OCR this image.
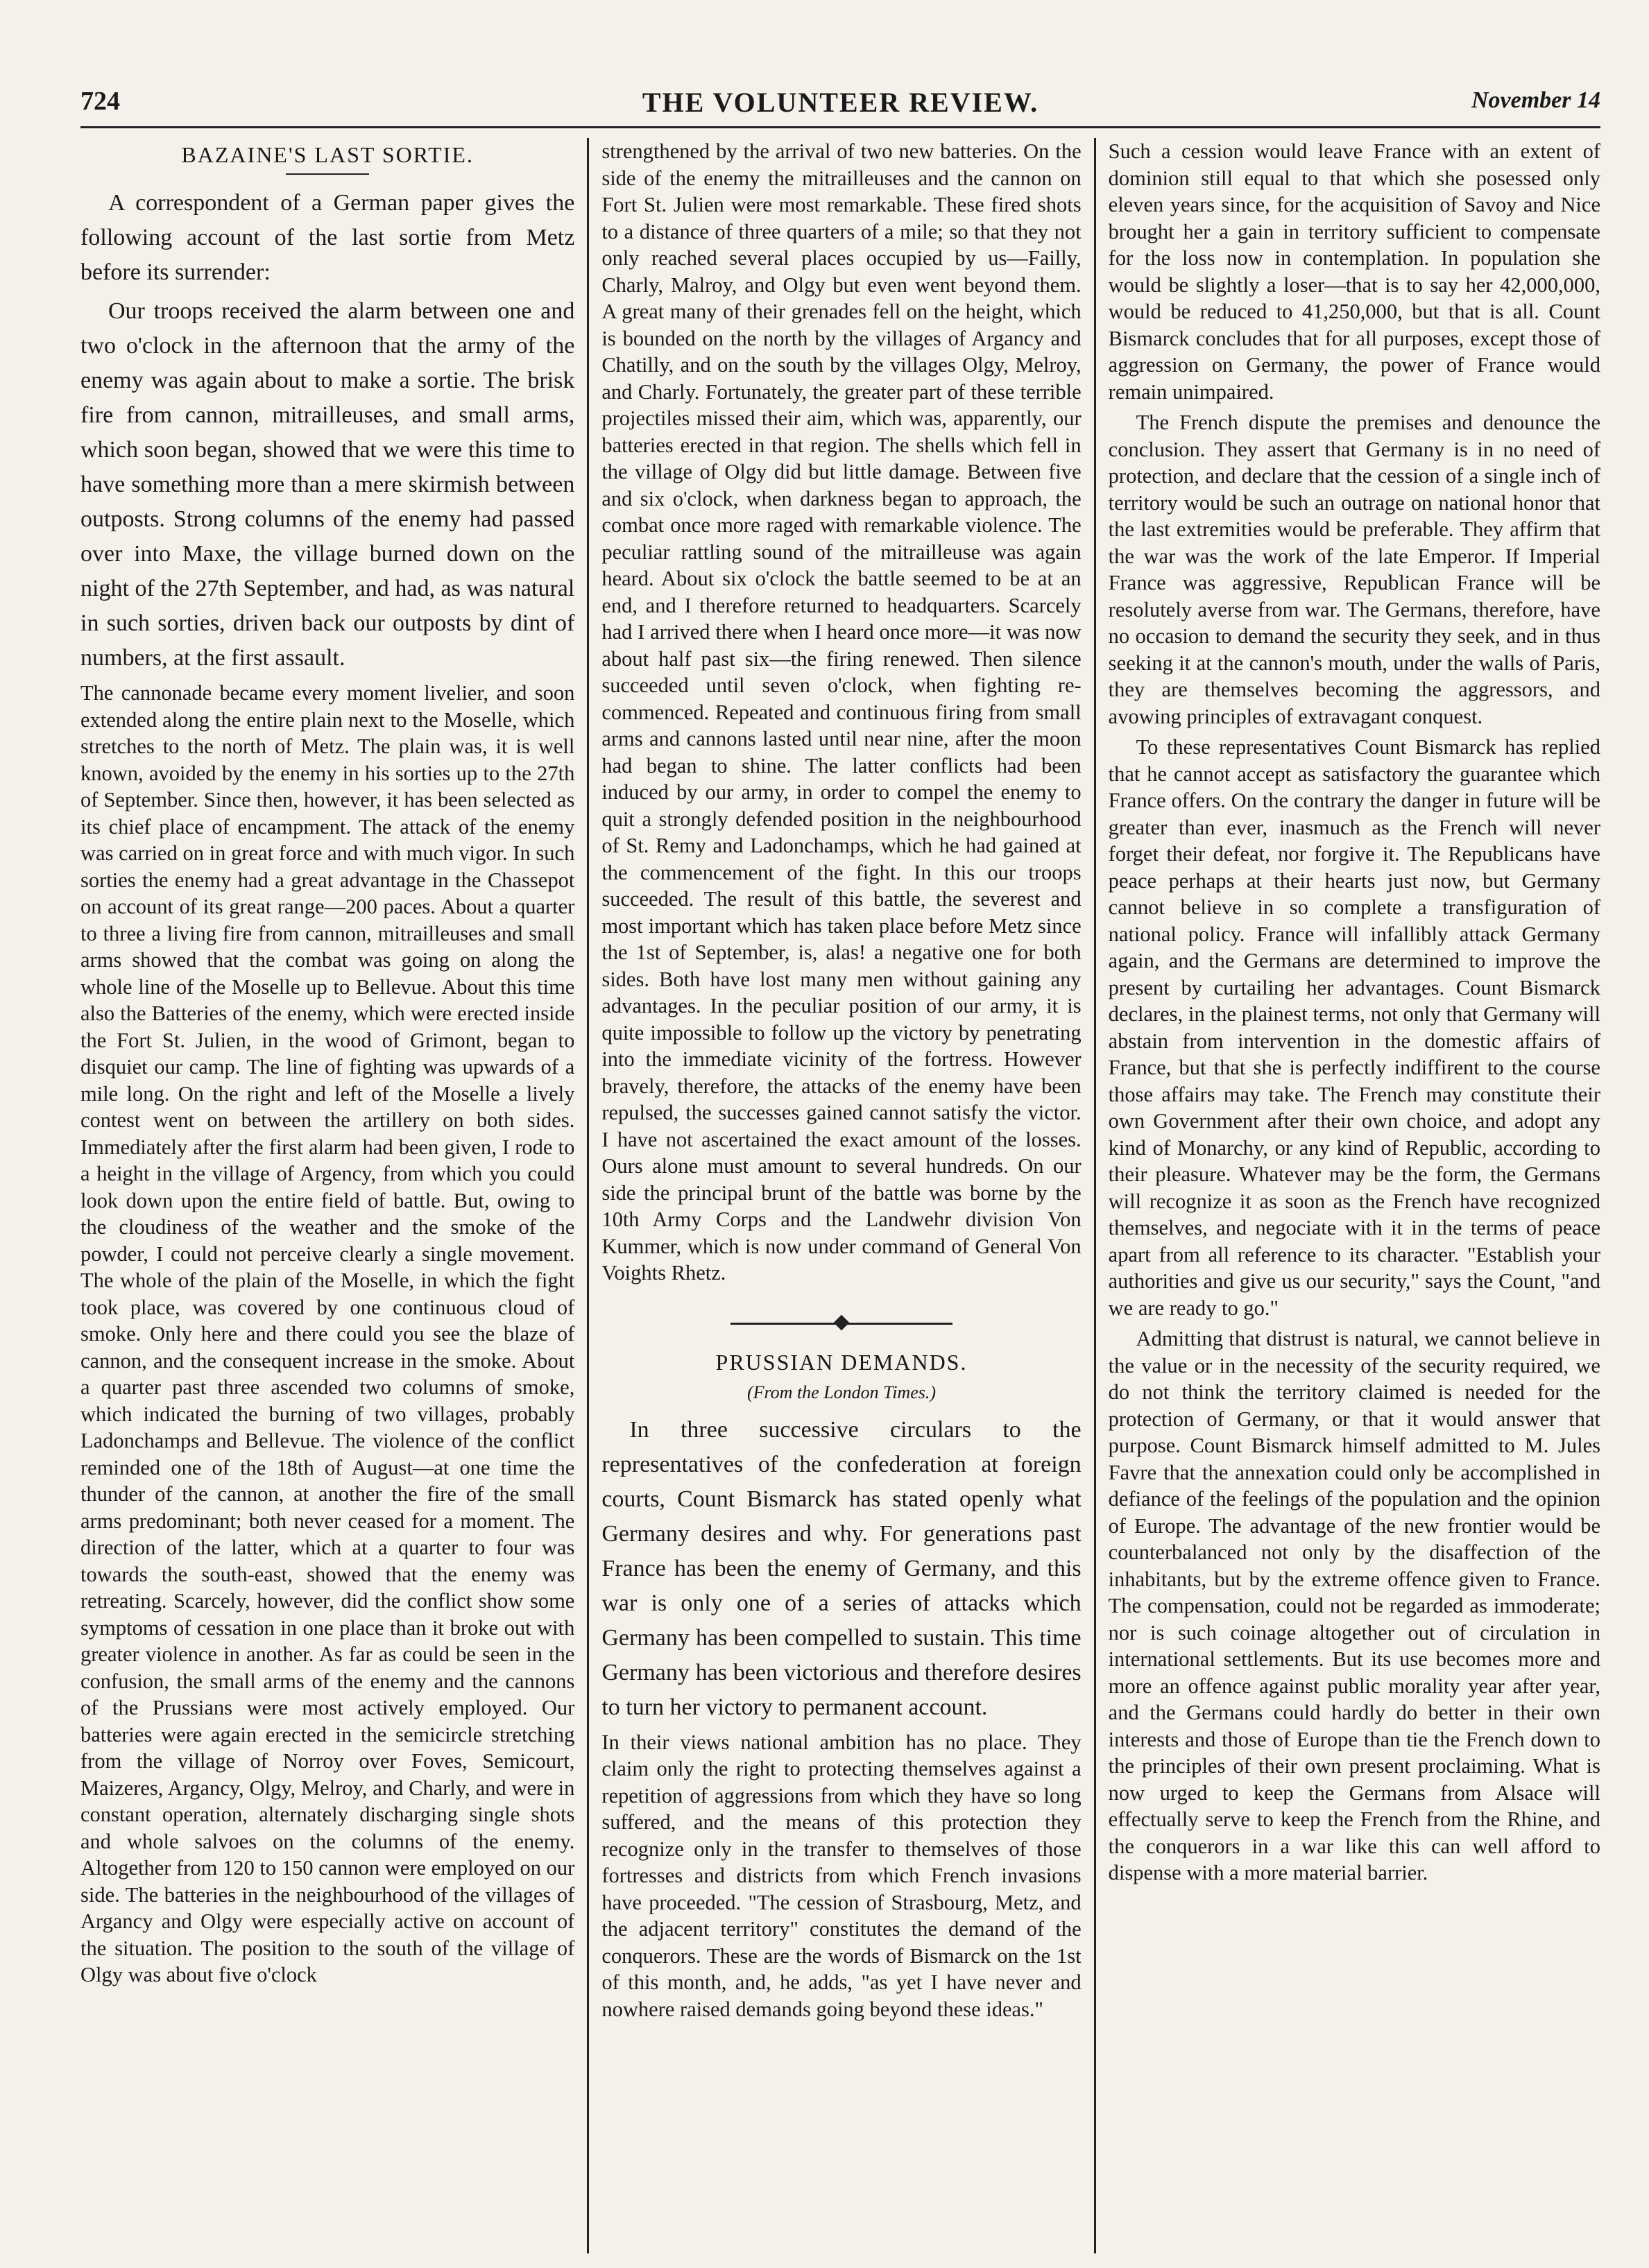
724	THE VOLUNTEER REVIEW.	November 14
BAZAINE'S LAST SORTIE.

A correspondent of a German paper gives the following account of the last sortie from Metz before its surrender:

Our troops received the alarm between one and two o'clock in the afternoon that the army of the enemy was again about to make a sortie. The brisk fire from cannon, mitrailleuses, and small arms, which soon began, showed that we were this time to have something more than a mere skirmish between outposts. Strong columns of the enemy had passed over into Maxe, the village burned down on the night of the 27th September, and had, as was natural in such sorties, driven back our outposts by dint of numbers, at the first assault.

The cannonade became every moment livelier, and soon extended along the entire plain next to the Moselle, which stretches to the north of Metz. The plain was, it is well known, avoided by the enemy in his sorties up to the 27th of September. Since then, however, it has been selected as its chief place of encampment. The attack of the enemy was carried on in great force and with much vigor. In such sorties the enemy had a great advantage in the Chassepot on account of its great range—200 paces. About a quarter to three a living fire from cannon, mitrailleuses and small arms showed that the combat was going on along the whole line of the Moselle up to Bellevue. About this time also the Batteries of the enemy, which were erected inside the Fort St. Julien, in the wood of Grimont, began to disquiet our camp. The line of fighting was upwards of a mile long. On the right and left of the Moselle a lively contest went on between the artillery on both sides. Immediately after the first alarm had been given, I rode to a height in the village of Argency, from which you could look down upon the entire field of battle. But, owing to the cloudiness of the weather and the smoke of the powder, I could not perceive clearly a single movement. The whole of the plain of the Moselle, in which the fight took place, was covered by one continuous cloud of smoke. Only here and there could you see the blaze of cannon, and the consequent increase in the smoke. About a quarter past three ascended two columns of smoke, which indicated the burning of two villages, probably Ladonchamps and Bellevue. The violence of the conflict reminded one of the 18th of August—at one time the thunder of the cannon, at another the fire of the small arms predominant; both never ceased for a moment. The direction of the latter, which at a quarter to four was towards the south-east, showed that the enemy was retreating. Scarcely, however, did the conflict show some symptoms of cessation in one place than it broke out with greater violence in another. As far as could be seen in the confusion, the small arms of the enemy and the cannons of the Prussians were most actively employed. Our batteries were again erected in the semicircle stretching from the village of Norroy over Foves, Semicourt, Maizeres, Argancy, Olgy, Melroy, and Charly, and were in constant operation, alternately discharging single shots and whole salvoes on the columns of the enemy. Altogether from 120 to 150 cannon were employed on our side. The batteries in the neighbourhood of the villages of Argancy and Olgy were especially active on account of the situation. The position to the south of the village of Olgy was about five o'clock

strengthened by the arrival of two new batteries. On the side of the enemy the mitrailleuses and the cannon on Fort St. Julien were most remarkable. These fired shots to a distance of three quarters of a mile; so that they not only reached several places occupied by us—Failly, Charly, Malroy, and Olgy but even went beyond them. A great many of their grenades fell on the height, which is bounded on the north by the villages of Argancy and Chatilly, and on the south by the villages Olgy, Melroy, and Charly. Fortunately, the greater part of these terrible projectiles missed their aim, which was, apparently, our batteries erected in that region. The shells which fell in the village of Olgy did but little damage. Between five and six o'clock, when darkness began to approach, the combat once more raged with remarkable violence. The peculiar rattling sound of the mitrailleuse was again heard. About six o'clock the battle seemed to be at an end, and I therefore returned to headquarters. Scarcely had I arrived there when I heard once more—it was now about half past six—the firing renewed. Then silence succeeded until seven o'clock, when fighting re-commenced. Repeated and continuous firing from small arms and cannons lasted until near nine, after the moon had began to shine. The latter conflicts had been induced by our army, in order to compel the enemy to quit a strongly defended position in the neighbourhood of St. Remy and Ladonchamps, which he had gained at the commencement of the fight. In this our troops succeeded. The result of this battle, the severest and most important which has taken place before Metz since the 1st of September, is, alas! a negative one for both sides. Both have lost many men without gaining any advantages. In the peculiar position of our army, it is quite impossible to follow up the victory by penetrating into the immediate vicinity of the fortress. However bravely, therefore, the attacks of the enemy have been repulsed, the successes gained cannot satisfy the victor. I have not ascertained the exact amount of the losses. Ours alone must amount to several hundreds. On our side the principal brunt of the battle was borne by the 10th Army Corps and the Landwehr division Von Kummer, which is now under command of General Von Voights Rhetz.

PRUSSIAN DEMANDS.
(From the London Times.)

In three successive circulars to the representatives of the confederation at foreign courts, Count Bismarck has stated openly what Germany desires and why. For generations past France has been the enemy of Germany, and this war is only one of a series of attacks which Germany has been compelled to sustain. This time Germany has been victorious and therefore desires to turn her victory to permanent account.

In their views national ambition has no place. They claim only the right to protecting themselves against a repetition of aggressions from which they have so long suffered, and the means of this protection they recognize only in the transfer to themselves of those fortresses and districts from which French invasions have proceeded. "The cession of Strasbourg, Metz, and the adjacent territory" constitutes the demand of the conquerors. These are the words of Bismarck on the 1st of this month, and, he adds, "as yet I have never and nowhere raised demands going beyond these ideas."

Such a cession would leave France with an extent of dominion still equal to that which she posessed only eleven years since, for the acquisition of Savoy and Nice brought her a gain in territory sufficient to compensate for the loss now in contemplation. In population she would be slightly a loser—that is to say her 42,000,000, would be reduced to 41,250,000, but that is all. Count Bismarck concludes that for all purposes, except those of aggression on Germany, the power of France would remain unimpaired.

The French dispute the premises and denounce the conclusion. They assert that Germany is in no need of protection, and declare that the cession of a single inch of territory would be such an outrage on national honor that the last extremities would be preferable. They affirm that the war was the work of the late Emperor. If Imperial France was aggressive, Republican France will be resolutely averse from war. The Germans, therefore, have no occasion to demand the security they seek, and in thus seeking it at the cannon's mouth, under the walls of Paris, they are themselves becoming the aggressors, and avowing principles of extravagant conquest.

To these representatives Count Bismarck has replied that he cannot accept as satisfactory the guarantee which France offers. On the contrary the danger in future will be greater than ever, inasmuch as the French will never forget their defeat, nor forgive it. The Republicans have peace perhaps at their hearts just now, but Germany cannot believe in so complete a transfiguration of national policy. France will infallibly attack Germany again, and the Germans are determined to improve the present by curtailing her advantages. Count Bismarck declares, in the plainest terms, not only that Germany will abstain from intervention in the domestic affairs of France, but that she is perfectly indiffirent to the course those affairs may take. The French may constitute their own Government after their own choice, and adopt any kind of Monarchy, or any kind of Republic, according to their pleasure. Whatever may be the form, the Germans will recognize it as soon as the French have recognized themselves, and negociate with it in the terms of peace apart from all reference to its character. "Establish your authorities and give us our security," says the Count, "and we are ready to go."

Admitting that distrust is natural, we cannot believe in the value or in the necessity of the security required, we do not think the territory claimed is needed for the protection of Germany, or that it would answer that purpose. Count Bismarck himself admitted to M. Jules Favre that the annexation could only be accomplished in defiance of the feelings of the population and the opinion of Europe. The advantage of the new frontier would be counterbalanced not only by the disaffection of the inhabitants, but by the extreme offence given to France. The compensation, could not be regarded as immoderate; nor is such coinage altogether out of circulation in international settlements. But its use becomes more and more an offence against public morality year after year, and the Germans could hardly do better in their own interests and those of Europe than tie the French down to the principles of their own present proclaiming. What is now urged to keep the Germans from Alsace will effectually serve to keep the French from the Rhine, and the conquerors in a war like this can well afford to dispense with a more material barrier.
